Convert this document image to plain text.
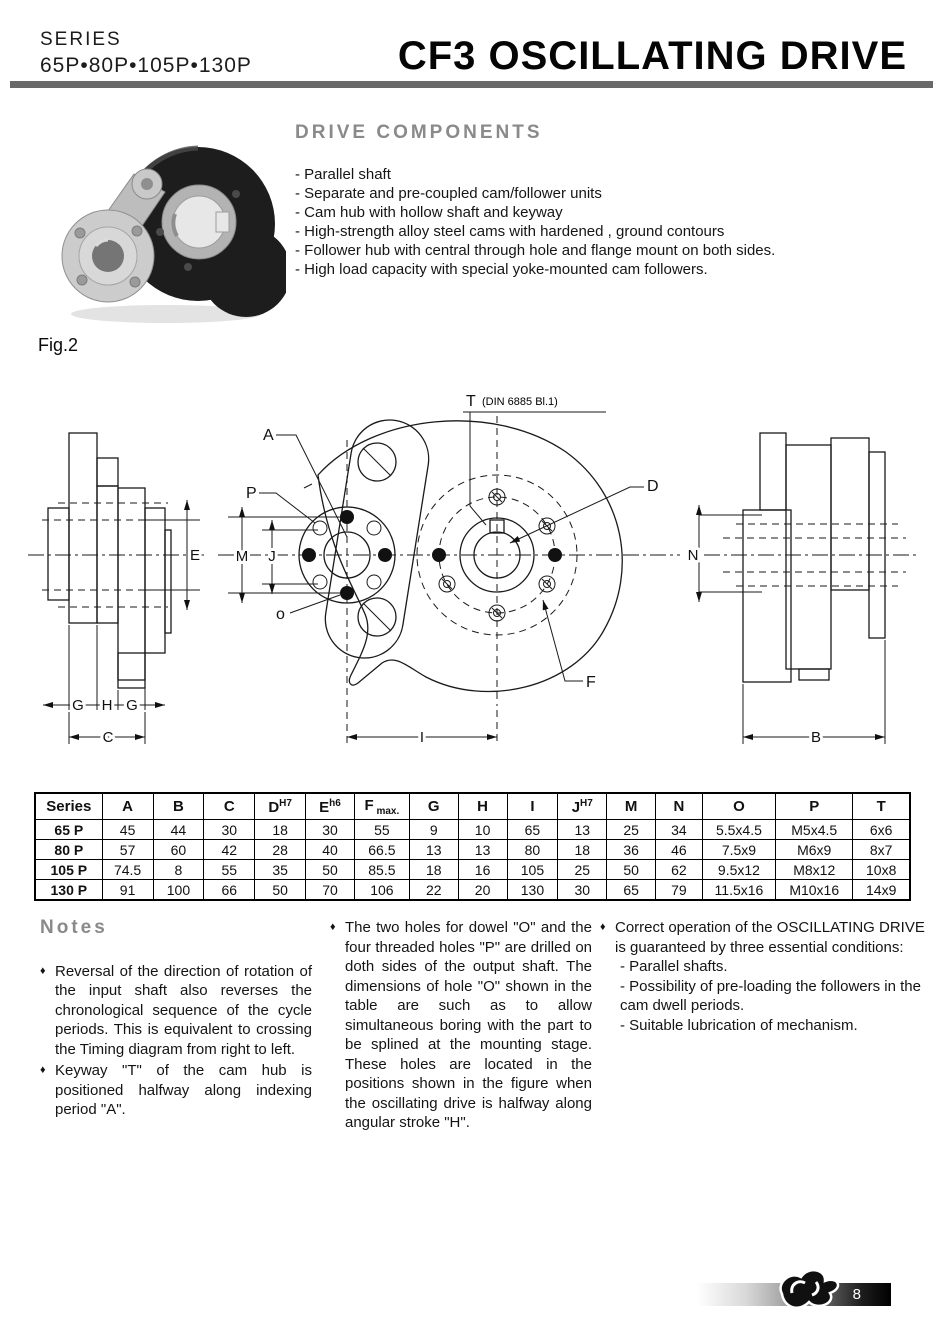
SERIES
65P•80P•105P•130P	CF3 OSCILLATING DRIVE
DRIVE COMPONENTS
- Parallel shaft
- Separate and pre-coupled cam/follower units
- Cam hub with hollow shaft and keyway
- High-strength alloy steel cams with hardened , ground contours
- Follower hub with central through hole and flange mount on both sides.
- High load capacity with special yoke-mounted cam followers.
Fig.2
E
G H G
C
M J
A
P
o
D
F
T (DIN 6885 Bl.1)
I
N
B
Series	A	B	C	$D^{H7}$	$E^{h6}$	F $_{max.}$	G	H	I	$J^{H7}$	M	N	O	P	T
65 P	45	44	30	18	30	55	9	10	65	13	25	34	5.5x4.5	M5x4.5	6x6
80 P	57	60	42	28	40	66.5	13	13	80	18	36	46	7.5x9	M6x9	8x7
105 P	74.5	8	55	35	50	85.5	18	16	105	25	50	62	9.5x12	M8x12	10x8
130 P	91	100	66	50	70	106	22	20	130	30	65	79	11.5x16	M10x16	14x9
Notes
♦ Reversal of the direction of rotation of the input shaft also reverses the chronological sequence of the cycle periods. This is equivalent to crossing the Timing diagram from right to left.
♦ Keyway "T" of the cam hub is positioned halfway along indexing period "A".
♦ The two holes for dowel "O" and the four threaded holes "P" are drilled on doth sides of the output shaft. The dimensions of hole "O" shown in the table are such as to allow simultaneous boring with the part to be splined at the mounting stage. These holes are located in the positions shown in the figure when the oscillating drive is halfway along angular stroke "H".
♦ Correct operation of the OSCILLATING DRIVE is guaranteed by three essential conditions:
- Parallel shafts.
- Possibility of pre-loading the followers in the cam dwell periods.
- Suitable lubrication of mechanism.
8
